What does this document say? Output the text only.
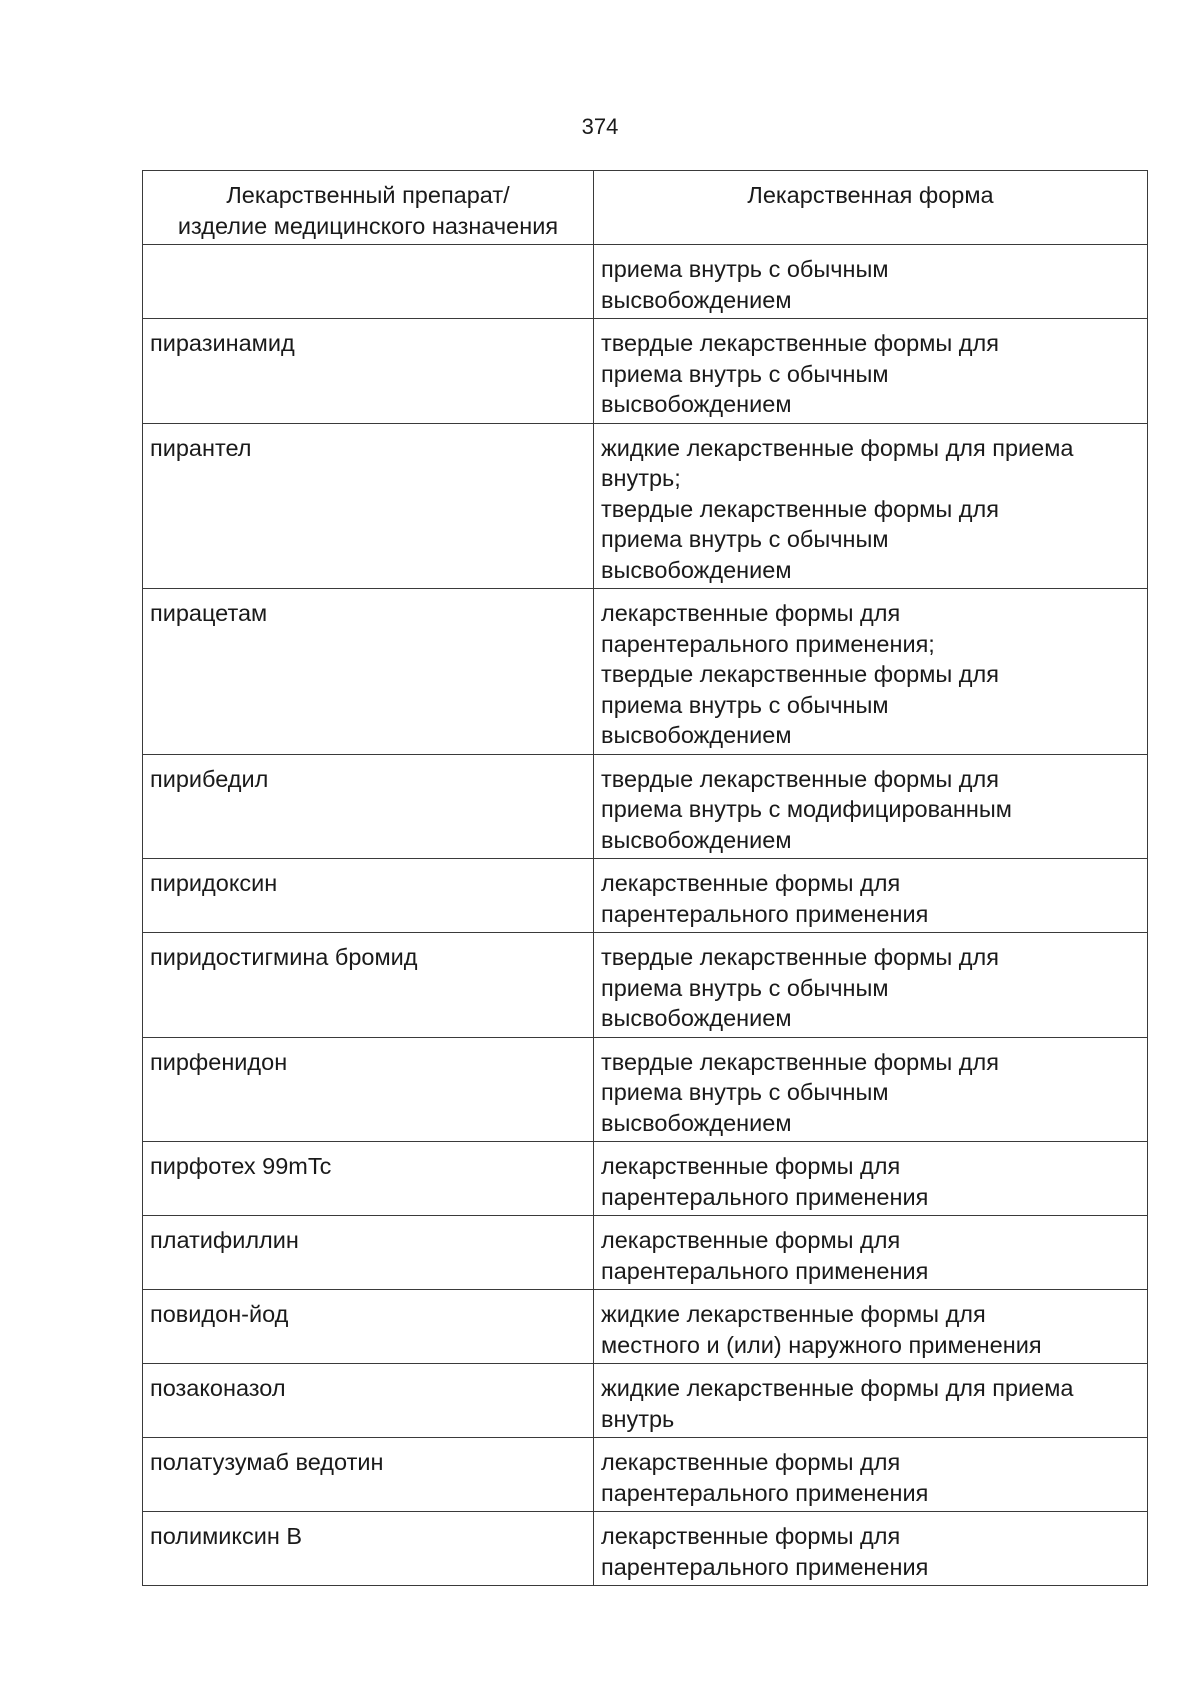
374
Лекарственный препарат/
изделие медицинского назначения	Лекарственная форма

	приема внутрь с обычным
высвобождением

пиразинамид	твердые лекарственные формы для
приема внутрь с обычным
высвобождением

пирантел	жидкие лекарственные формы для приема
внутрь;
твердые лекарственные формы для
приема внутрь с обычным
высвобождением

пирацетам	лекарственные формы для
парентерального применения;
твердые лекарственные формы для
приема внутрь с обычным
высвобождением

пирибедил	твердые лекарственные формы для
приема внутрь с модифицированным
высвобождением

пиридоксин	лекарственные формы для
парентерального применения

пиридостигмина бромид	твердые лекарственные формы для
приема внутрь с обычным
высвобождением

пирфенидон	твердые лекарственные формы для
приема внутрь с обычным
высвобождением

пирфотех 99mTc	лекарственные формы для
парентерального применения

платифиллин	лекарственные формы для
парентерального применения

повидон-йод	жидкие лекарственные формы для
местного и (или) наружного применения

позаконазол	жидкие лекарственные формы для приема
внутрь

полатузумаб ведотин	лекарственные формы для
парентерального применения

полимиксин B	лекарственные формы для
парентерального применения
